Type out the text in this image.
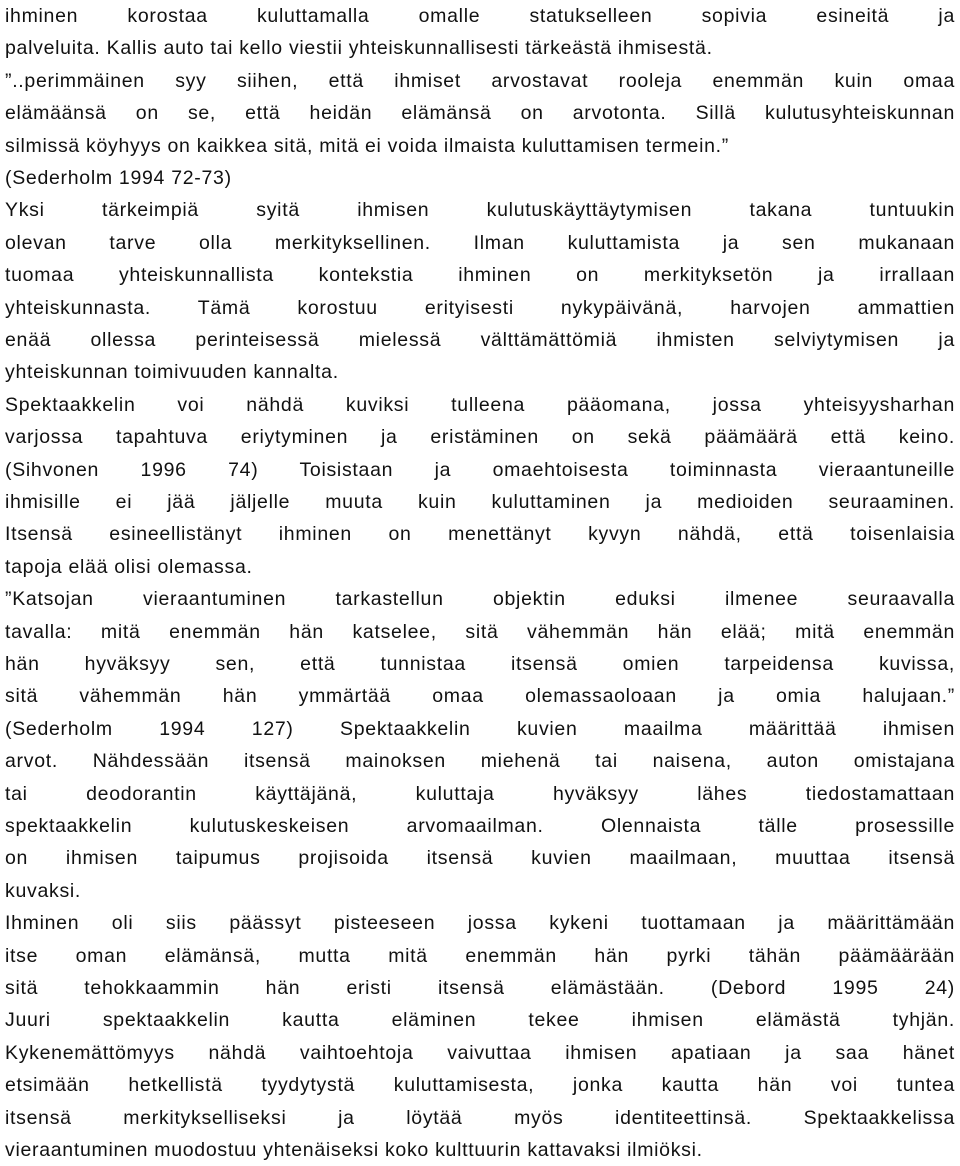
ihminen korostaa kuluttamalla omalle statukselleen sopivia esineitä ja
palveluita. Kallis auto tai kello viestii yhteiskunnallisesti tärkeästä ihmisestä.
”..perimmäinen syy siihen, että ihmiset arvostavat rooleja enemmän kuin omaa
elämäänsä on se, että heidän elämänsä on arvotonta. Sillä kulutusyhteiskunnan
silmissä köyhyys on kaikkea sitä, mitä ei voida ilmaista kuluttamisen termein.”
(Sederholm 1994 72-73)
Yksi tärkeimpiä syitä ihmisen kulutuskäyttäytymisen takana tuntuukin
olevan tarve olla merkityksellinen. Ilman kuluttamista ja sen mukanaan
tuomaa yhteiskunnallista kontekstia ihminen on merkityksetön ja irrallaan
yhteiskunnasta. Tämä korostuu erityisesti nykypäivänä, harvojen ammattien
enää ollessa perinteisessä mielessä välttämättömiä ihmisten selviytymisen ja
yhteiskunnan toimivuuden kannalta.
Spektaakkelin voi nähdä kuviksi tulleena pääomana, jossa yhteisyysharhan
varjossa tapahtuva eriytyminen ja eristäminen on sekä päämäärä että keino.
(Sihvonen 1996 74) Toisistaan ja omaehtoisesta toiminnasta vieraantuneille
ihmisille ei jää jäljelle muuta kuin kuluttaminen ja medioiden seuraaminen.
Itsensä esineellistänyt ihminen on menettänyt kyvyn nähdä, että toisenlaisia
tapoja elää olisi olemassa.
”Katsojan vieraantuminen tarkastellun objektin eduksi ilmenee seuraavalla
tavalla: mitä enemmän hän katselee, sitä vähemmän hän elää; mitä enemmän
hän hyväksyy sen, että tunnistaa itsensä omien tarpeidensa kuvissa,
sitä vähemmän hän ymmärtää omaa olemassaoloaan ja omia halujaan.”
(Sederholm 1994 127) Spektaakkelin kuvien maailma määrittää ihmisen
arvot. Nähdessään itsensä mainoksen miehenä tai naisena, auton omistajana
tai deodorantin käyttäjänä, kuluttaja hyväksyy lähes tiedostamattaan
spektaakkelin kulutuskeskeisen arvomaailman. Olennaista tälle prosessille
on ihmisen taipumus projisoida itsensä kuvien maailmaan, muuttaa itsensä
kuvaksi.
Ihminen oli siis päässyt pisteeseen jossa kykeni tuottamaan ja määrittämään
itse oman elämänsä, mutta mitä enemmän hän pyrki tähän päämäärään
sitä tehokkaammin hän eristi itsensä elämästään. (Debord 1995 24)
Juuri spektaakkelin kautta eläminen tekee ihmisen elämästä tyhjän.
Kykenemättömyys nähdä vaihtoehtoja vaivuttaa ihmisen apatiaan ja saa hänet
etsimään hetkellistä tyydytystä kuluttamisesta, jonka kautta hän voi tuntea
itsensä merkitykselliseksi ja löytää myös identiteettinsä. Spektaakkelissa
vieraantuminen muodostuu yhtenäiseksi koko kulttuurin kattavaksi ilmiöksi.
